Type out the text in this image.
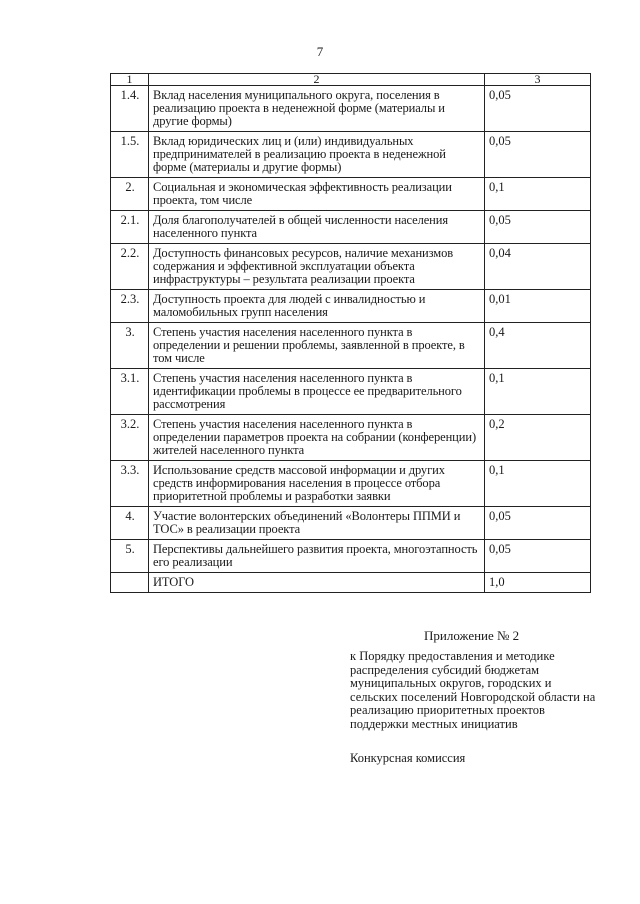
7
1	2	3
1.4.	Вклад населения муниципального округа, поселения в реализацию проекта в неденежной форме (материалы и другие формы)	0,05
1.5.	Вклад юридических лиц и (или) индивидуальных предпринимателей в реализацию проекта в неденежной форме (материалы и другие формы)	0,05
2.	Социальная и экономическая эффективность реализации проекта, том числе	0,1
2.1.	Доля благополучателей в общей численности населения населенного пункта	0,05
2.2.	Доступность финансовых ресурсов, наличие механизмов содержания и эффективной эксплуатации объекта инфраструктуры – результата реализации проекта	0,04
2.3.	Доступность проекта для людей с инвалидностью и маломобильных групп населения	0,01
3.	Степень участия населения населенного пункта в определении и решении проблемы, заявленной в проекте, в том числе	0,4
3.1.	Степень участия населения населенного пункта в идентификации проблемы в процессе ее предварительного рассмотрения	0,1
3.2.	Степень участия населения населенного пункта в определении параметров проекта на собрании (конференции) жителей населенного пункта	0,2
3.3.	Использование средств массовой информации и других средств информирования населения в процессе отбора приоритетной проблемы и разработки заявки	0,1
4.	Участие волонтерских объединений «Волонтеры ППМИ и ТОС» в реализации проекта	0,05
5.	Перспективы дальнейшего развития проекта, многоэтапность его реализации	0,05
	ИТОГО	1,0
Приложение № 2
к Порядку предоставления и методике распределения субсидий бюджетам муниципальных округов, городских и сельских поселений Новгородской области на реализацию приоритетных проектов поддержки местных инициатив
Конкурсная комиссия
